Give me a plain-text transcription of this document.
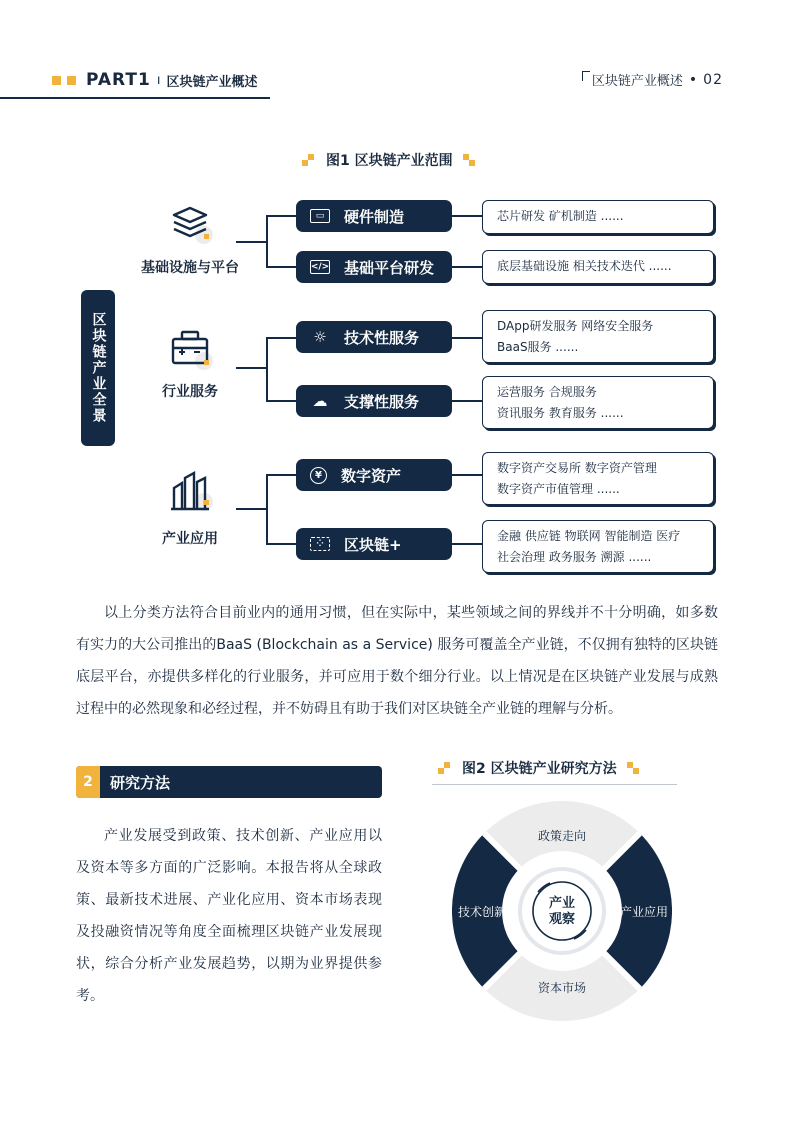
PART1 ı 区块链产业概述	区块链产业概述 • 02
图1 区块链产业范围
区块链产业全景
基础设施与平台
行业服务
产业应用
▭	硬件制造
</> 基础平台研发
☼ 技术性服务
☁ 支撑性服务
¥	数字资产
⁘	区块链+
芯片研发 矿机制造 ......
底层基础设施 相关技术迭代 ......
DApp研发服务 网络安全服务
BaaS服务 ......
运营服务 合规服务
资讯服务 教育服务 ......
数字资产交易所 数字资产管理
数字资产市值管理 ......
金融 供应链 物联网 智能制造 医疗
社会治理 政务服务 溯源 ......
以上分类方法符合目前业内的通用习惯，但在实际中，某些领域之间的界线并不十分明确，如多数有实力的大公司推出的BaaS (Blockchain as a Service) 服务可覆盖全产业链，不仅拥有独特的区块链底层平台，亦提供多样化的行业服务，并可应用于数个细分行业。以上情况是在区块链产业发展与成熟过程中的必然现象和必经过程，并不妨碍且有助于我们对区块链全产业链的理解与分析。
2	研究方法
产业发展受到政策、技术创新、产业应用以及资本等多方面的广泛影响。本报告将从全球政策、最新技术进展、产业化应用、资本市场表现及投融资情况等角度全面梳理区块链产业发展现状，综合分析产业发展趋势，以期为业界提供参考。
图2 区块链产业研究方法
产业
观察
政策走向
技术创新	产业应用
资本市场
